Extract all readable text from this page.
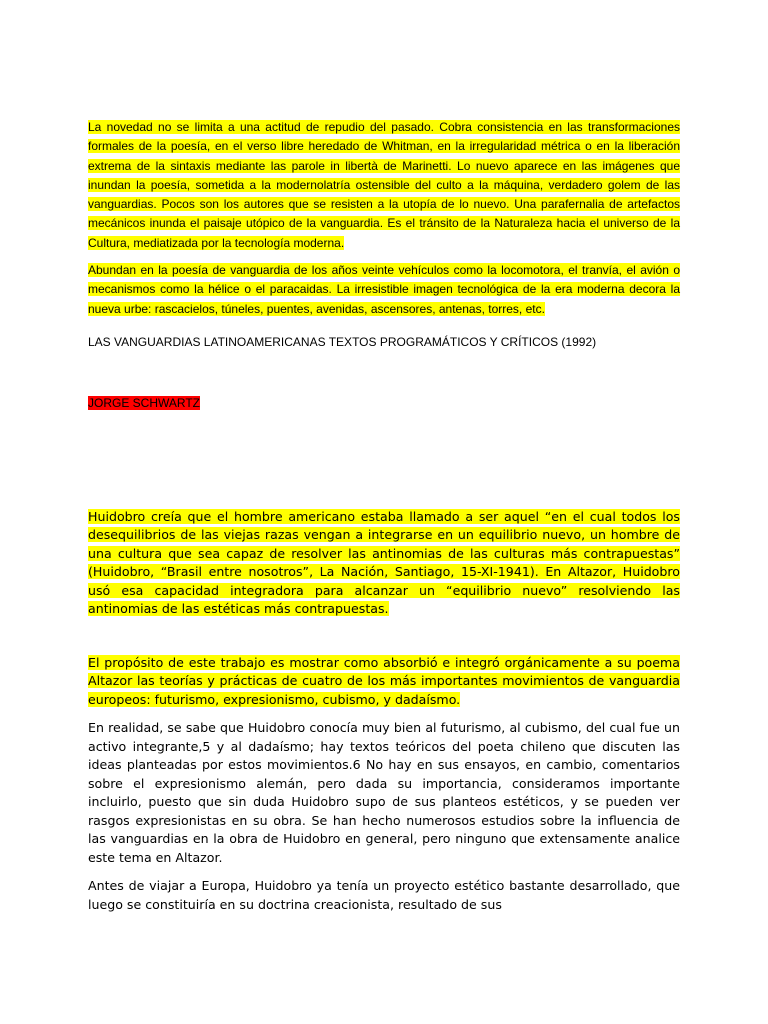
La novedad no se limita a una actitud de repudio del pasado. Cobra consistencia en las transformaciones formales de la poesía, en el verso libre heredado de Whitman, en la irregularidad métrica o en la liberación extrema de la sintaxis mediante las parole in libertà de Marinetti. Lo nuevo aparece en las imágenes que inundan la poesía, sometida a la modernolatría ostensible del culto a la máquina, verdadero golem de las vanguardias. Pocos son los autores que se resisten a la utopía de lo nuevo. Una parafernalia de artefactos mecánicos inunda el paisaje utópico de la vanguardia. Es el tránsito de la Naturaleza hacia el universo de la Cultura, mediatizada por la tecnología moderna.

Abundan en la poesía de vanguardia de los años veinte vehículos como la locomotora, el tranvía, el avión o mecanismos como la hélice o el paracaidas. La irresistible imagen tecnológica de la era moderna decora la nueva urbe: rascacielos, túneles, puentes, avenidas, ascensores, antenas, torres, etc.

LAS VANGUARDIAS LATINOAMERICANAS TEXTOS PROGRAMÁTICOS Y CRÍTICOS (1992)

JORGE SCHWARTZ

Huidobro creía que el hombre americano estaba llamado a ser aquel “en el cual todos los desequilibrios de las viejas razas vengan a integrarse en un equilibrio nuevo, un hombre de una cultura que sea capaz de resolver las antinomias de las culturas más contrapuestas” (Huidobro, “Brasil entre nosotros”, La Nación, Santiago, 15-XI-1941). En Altazor, Huidobro usó esa capacidad integradora para alcanzar un “equilibrio nuevo” resolviendo las antinomias de las estéticas más contrapuestas.

El propósito de este trabajo es mostrar como absorbió e integró orgánicamente a su poema Altazor las teorías y prácticas de cuatro de los más importantes movimientos de vanguardia europeos: futurismo, expresionismo, cubismo, y dadaísmo.

En realidad, se sabe que Huidobro conocía muy bien al futurismo, al cubismo, del cual fue un activo integrante,5 y al dadaísmo; hay textos teóricos del poeta chileno que discuten las ideas planteadas por estos movimientos.6 No hay en sus ensayos, en cambio, comentarios sobre el expresionismo alemán, pero dada su importancia, consideramos importante incluirlo, puesto que sin duda Huidobro supo de sus planteos estéticos, y se pueden ver rasgos expresionistas en su obra. Se han hecho numerosos estudios sobre la influencia de las vanguardias en la obra de Huidobro en general, pero ninguno que extensamente analice este tema en Altazor.

Antes de viajar a Europa, Huidobro ya tenía un proyecto estético bastante desarrollado, que luego se constituiría en su doctrina creacionista, resultado de sus
